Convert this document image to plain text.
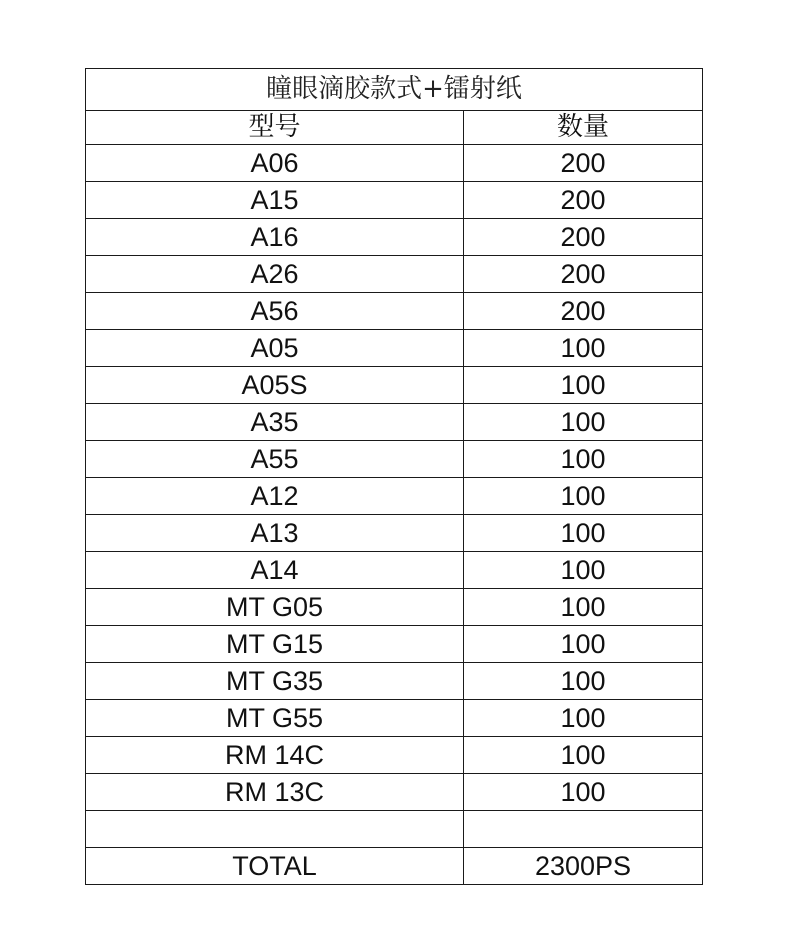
瞳眼滴胶款式+镭射纸	
型号	数量
A06	200
A15	200
A16	200
A26	200
A56	200
A05	100
A05S	100
A35	100
A55	100
A12	100
A13	100
A14	100
MT G05	100
MT G15	100
MT G35	100
MT G55	100
RM 14C	100
RM 13C	100

TOTAL	2300PS
